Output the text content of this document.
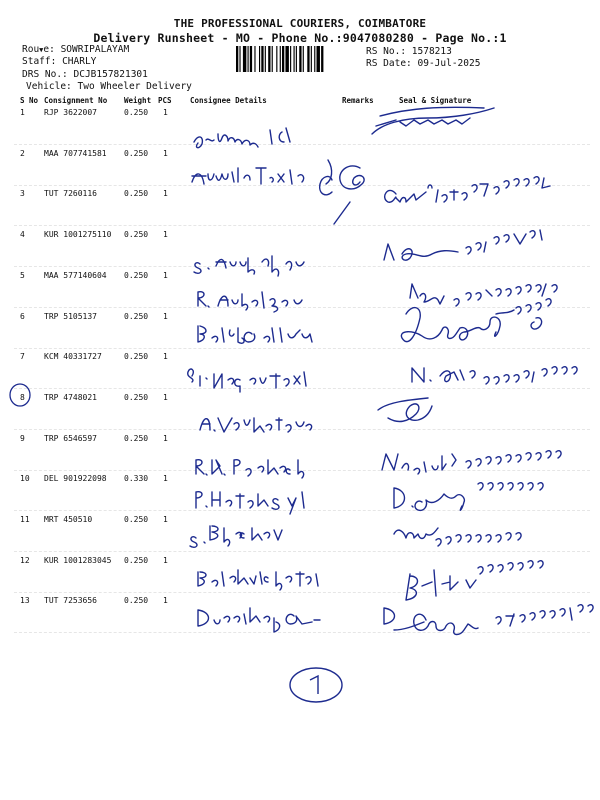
THE PROFESSIONAL COURIERS, COIMBATORE
Delivery Runsheet - MO - Phone No.:9047080280 - Page No.:1
Rou▼e: SOWRIPALAYAM
Staff: CHARLY
DRS No.: DCJB157821301
Vehicle: Two Wheeler Delivery
RS No.: 1578213
RS Date: 09-Jul-2025
S No Consignment No Weight PCS Consignee Details	Remarks	Seal & Signature
1 RJP 3622007	0.250 1
2 MAA 707741581 0.250 1
3 TUT 7260116	0.250 1
4 KUR 1001275110 0.250 1
5 MAA 577140604 0.250 1
6 TRP 5105137	0.250 1
7 KCM 40331727	0.250 1
8 TRP 4748021	0.250 1
9 TRP 6546597	0.250 1
10 DEL 901922098 0.330 1
11 MRT 450510	0.250 1
12 KUR 1001283045 0.250 1
13 TUT 7253656	0.250 1
